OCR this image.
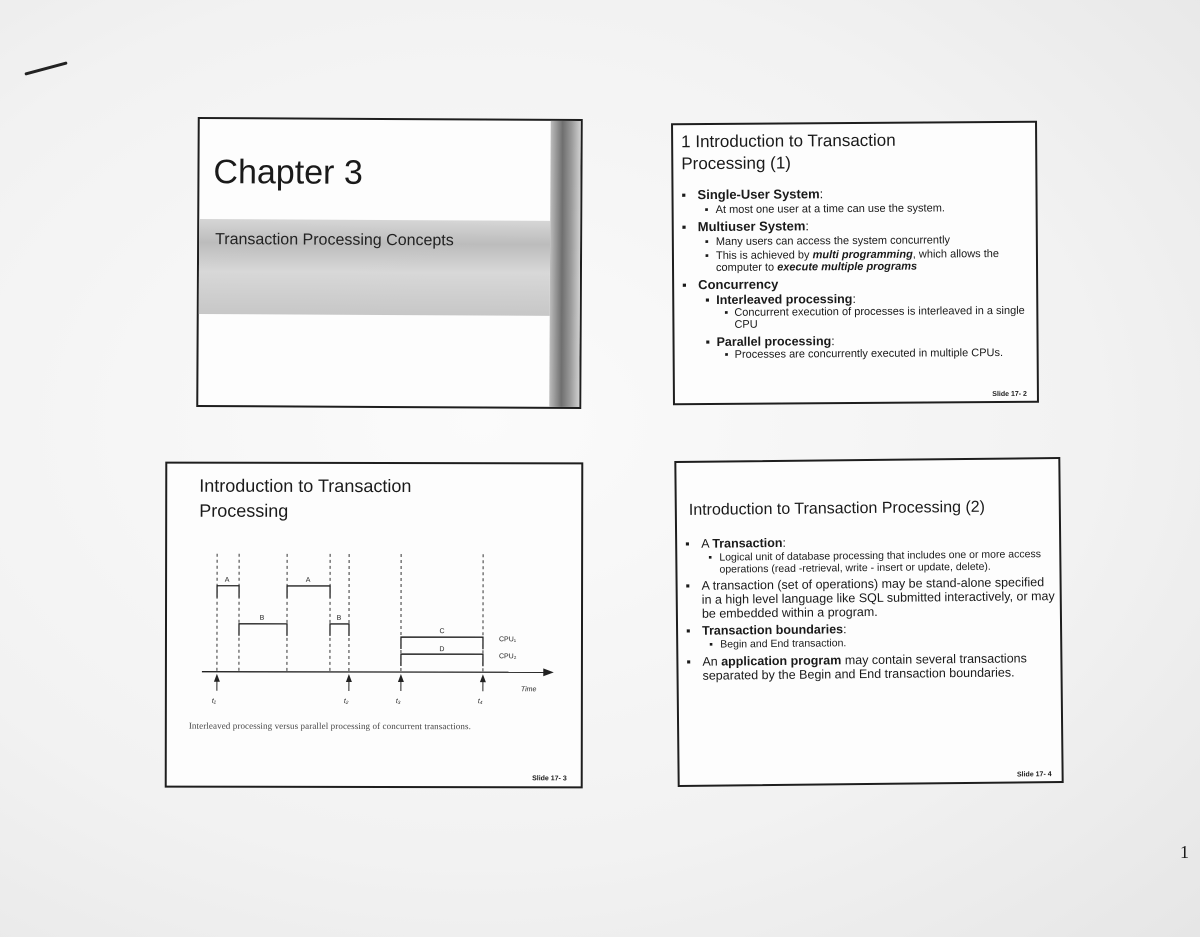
Chapter 3
Transaction Processing Concepts
1 Introduction to Transaction
Processing (1)

▪ Single-User System:

▪ At most one user at a time can use the system.

▪ Multiuser System:

▪ Many users can access the system concurrently

▪ This is achieved by multi programming, which allows the computer to execute multiple programs

▪ Concurrency

▪ Interleaved processing:

▪ Concurrent execution of processes is interleaved in a single CPU

▪ Parallel processing:

▪ Processes are concurrently executed in multiple CPUs.

Slide 17- 2
Introduction to Transaction
Processing
A	A
B	B
C
D
CPU₁
CPU₂
t₁	t₂	t₃	t₄
Time
Interleaved processing versus parallel processing of concurrent transactions.
Slide 17- 3
Introduction to Transaction Processing (2)

▪ A Transaction:

▪ Logical unit of database processing that includes one or more access operations (read -retrieval, write - insert or update, delete).

▪ A transaction (set of operations) may be stand-alone specified in a high level language like SQL submitted interactively, or may be embedded within a program.

▪ Transaction boundaries:

▪ Begin and End transaction.

▪ An application program may contain several transactions separated by the Begin and End transaction boundaries.

Slide 17- 4
1
